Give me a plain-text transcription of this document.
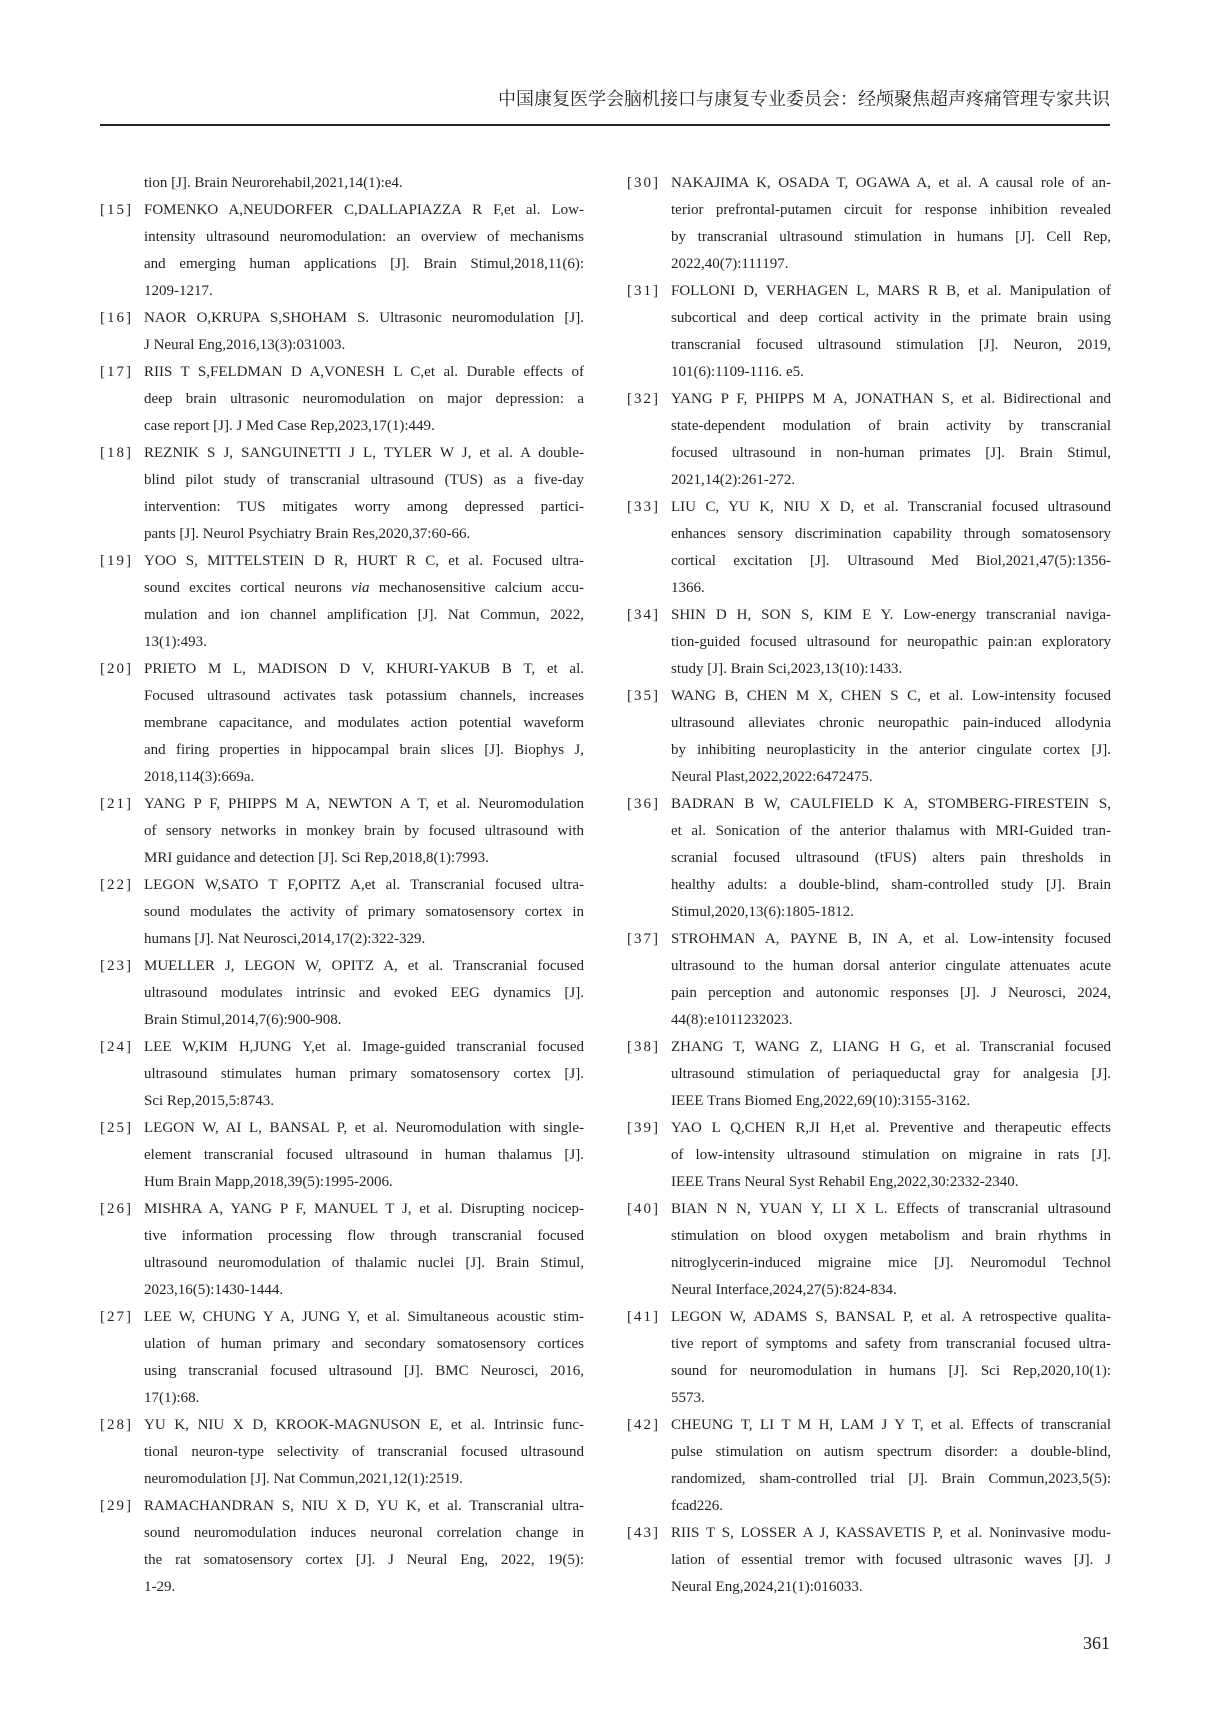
中国康复医学会脑机接口与康复专业委员会：经颅聚焦超声疼痛管理专家共识
tion [J]. Brain Neurorehabil,2021,14(1):e4.
[15] FOMENKO A,NEUDORFER C,DALLAPIAZZA R F,et al. Low-
intensity ultrasound neuromodulation: an overview of mechanisms
and emerging human applications [J]. Brain Stimul,2018,11(6):
1209-1217.
[16] NAOR O,KRUPA S,SHOHAM S. Ultrasonic neuromodulation [J].
J Neural Eng,2016,13(3):031003.
[17] RIIS T S,FELDMAN D A,VONESH L C,et al. Durable effects of
deep brain ultrasonic neuromodulation on major depression: a
case report [J]. J Med Case Rep,2023,17(1):449.
[18] REZNIK S J, SANGUINETTI J L, TYLER W J, et al. A double-
blind pilot study of transcranial ultrasound (TUS) as a five-day
intervention: TUS mitigates worry among depressed partici-
pants [J]. Neurol Psychiatry Brain Res,2020,37:60-66.
[19] YOO S, MITTELSTEIN D R, HURT R C, et al. Focused ultra-
sound excites cortical neurons via mechanosensitive calcium accu-
mulation and ion channel amplification [J]. Nat Commun, 2022,
13(1):493.
[20] PRIETO M L, MADISON D V, KHURI-YAKUB B T, et al.
Focused ultrasound activates task potassium channels, increases
membrane capacitance, and modulates action potential waveform
and firing properties in hippocampal brain slices [J]. Biophys J,
2018,114(3):669a.
[21] YANG P F, PHIPPS M A, NEWTON A T, et al. Neuromodulation
of sensory networks in monkey brain by focused ultrasound with
MRI guidance and detection [J]. Sci Rep,2018,8(1):7993.
[22] LEGON W,SATO T F,OPITZ A,et al. Transcranial focused ultra-
sound modulates the activity of primary somatosensory cortex in
humans [J]. Nat Neurosci,2014,17(2):322-329.
[23] MUELLER J, LEGON W, OPITZ A, et al. Transcranial focused
ultrasound modulates intrinsic and evoked EEG dynamics [J].
Brain Stimul,2014,7(6):900-908.
[24] LEE W,KIM H,JUNG Y,et al. Image-guided transcranial focused
ultrasound stimulates human primary somatosensory cortex [J].
Sci Rep,2015,5:8743.
[25] LEGON W, AI L, BANSAL P, et al. Neuromodulation with single-
element transcranial focused ultrasound in human thalamus [J].
Hum Brain Mapp,2018,39(5):1995-2006.
[26] MISHRA A, YANG P F, MANUEL T J, et al. Disrupting nocicep-
tive information processing flow through transcranial focused
ultrasound neuromodulation of thalamic nuclei [J]. Brain Stimul,
2023,16(5):1430-1444.
[27] LEE W, CHUNG Y A, JUNG Y, et al. Simultaneous acoustic stim-
ulation of human primary and secondary somatosensory cortices
using transcranial focused ultrasound [J]. BMC Neurosci, 2016,
17(1):68.
[28] YU K, NIU X D, KROOK-MAGNUSON E, et al. Intrinsic func-
tional neuron-type selectivity of transcranial focused ultrasound
neuromodulation [J]. Nat Commun,2021,12(1):2519.
[29] RAMACHANDRAN S, NIU X D, YU K, et al. Transcranial ultra-
sound neuromodulation induces neuronal correlation change in
the rat somatosensory cortex [J]. J Neural Eng, 2022, 19(5):
1-29.
[30] NAKAJIMA K, OSADA T, OGAWA A, et al. A causal role of an-
terior prefrontal-putamen circuit for response inhibition revealed
by transcranial ultrasound stimulation in humans [J]. Cell Rep,
2022,40(7):111197.
[31] FOLLONI D, VERHAGEN L, MARS R B, et al. Manipulation of
subcortical and deep cortical activity in the primate brain using
transcranial focused ultrasound stimulation [J]. Neuron, 2019,
101(6):1109-1116. e5.
[32] YANG P F, PHIPPS M A, JONATHAN S, et al. Bidirectional and
state-dependent modulation of brain activity by transcranial
focused ultrasound in non-human primates [J]. Brain Stimul,
2021,14(2):261-272.
[33] LIU C, YU K, NIU X D, et al. Transcranial focused ultrasound
enhances sensory discrimination capability through somatosensory
cortical excitation [J]. Ultrasound Med Biol,2021,47(5):1356-
1366.
[34] SHIN D H, SON S, KIM E Y. Low-energy transcranial naviga-
tion-guided focused ultrasound for neuropathic pain:an exploratory
study [J]. Brain Sci,2023,13(10):1433.
[35] WANG B, CHEN M X, CHEN S C, et al. Low-intensity focused
ultrasound alleviates chronic neuropathic pain-induced allodynia
by inhibiting neuroplasticity in the anterior cingulate cortex [J].
Neural Plast,2022,2022:6472475.
[36] BADRAN B W, CAULFIELD K A, STOMBERG-FIRESTEIN S,
et al. Sonication of the anterior thalamus with MRI-Guided tran-
scranial focused ultrasound (tFUS) alters pain thresholds in
healthy adults: a double-blind, sham-controlled study [J]. Brain
Stimul,2020,13(6):1805-1812.
[37] STROHMAN A, PAYNE B, IN A, et al. Low-intensity focused
ultrasound to the human dorsal anterior cingulate attenuates acute
pain perception and autonomic responses [J]. J Neurosci, 2024,
44(8):e1011232023.
[38] ZHANG T, WANG Z, LIANG H G, et al. Transcranial focused
ultrasound stimulation of periaqueductal gray for analgesia [J].
IEEE Trans Biomed Eng,2022,69(10):3155-3162.
[39] YAO L Q,CHEN R,JI H,et al. Preventive and therapeutic effects
of low-intensity ultrasound stimulation on migraine in rats [J].
IEEE Trans Neural Syst Rehabil Eng,2022,30:2332-2340.
[40] BIAN N N, YUAN Y, LI X L. Effects of transcranial ultrasound
stimulation on blood oxygen metabolism and brain rhythms in
nitroglycerin-induced migraine mice [J]. Neuromodul Technol
Neural Interface,2024,27(5):824-834.
[41] LEGON W, ADAMS S, BANSAL P, et al. A retrospective qualita-
tive report of symptoms and safety from transcranial focused ultra-
sound for neuromodulation in humans [J]. Sci Rep,2020,10(1):
5573.
[42] CHEUNG T, LI T M H, LAM J Y T, et al. Effects of transcranial
pulse stimulation on autism spectrum disorder: a double-blind,
randomized, sham-controlled trial [J]. Brain Commun,2023,5(5):
fcad226.
[43] RIIS T S, LOSSER A J, KASSAVETIS P, et al. Noninvasive modu-
lation of essential tremor with focused ultrasonic waves [J]. J
Neural Eng,2024,21(1):016033.
361
